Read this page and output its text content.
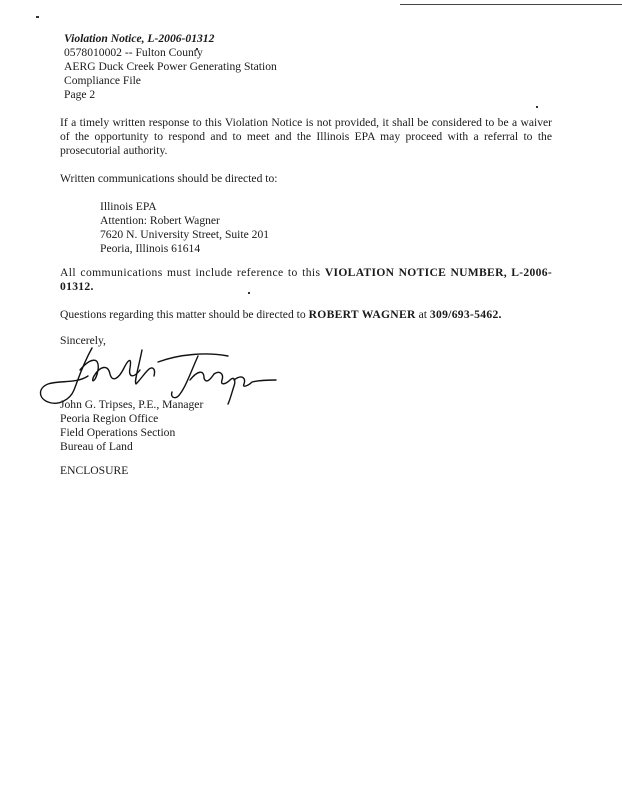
Violation Notice, L-2006-01312
0578010002 -- Fulton County
AERG Duck Creek Power Generating Station
Compliance File
Page 2
If a timely written response to this Violation Notice is not provided, it shall be considered to be a waiver of the opportunity to respond and to meet and the Illinois EPA may proceed with a referral to the prosecutorial authority.
Written communications should be directed to:
Illinois EPA
Attention: Robert Wagner
7620 N. University Street, Suite 201
Peoria, Illinois 61614
All communications must include reference to this VIOLATION NOTICE NUMBER, L-2006-01312.
Questions regarding this matter should be directed to ROBERT WAGNER at 309/693-5462.
Sincerely,
John G. Tripses, P.E., Manager
Peoria Region Office
Field Operations Section
Bureau of Land
ENCLOSURE
